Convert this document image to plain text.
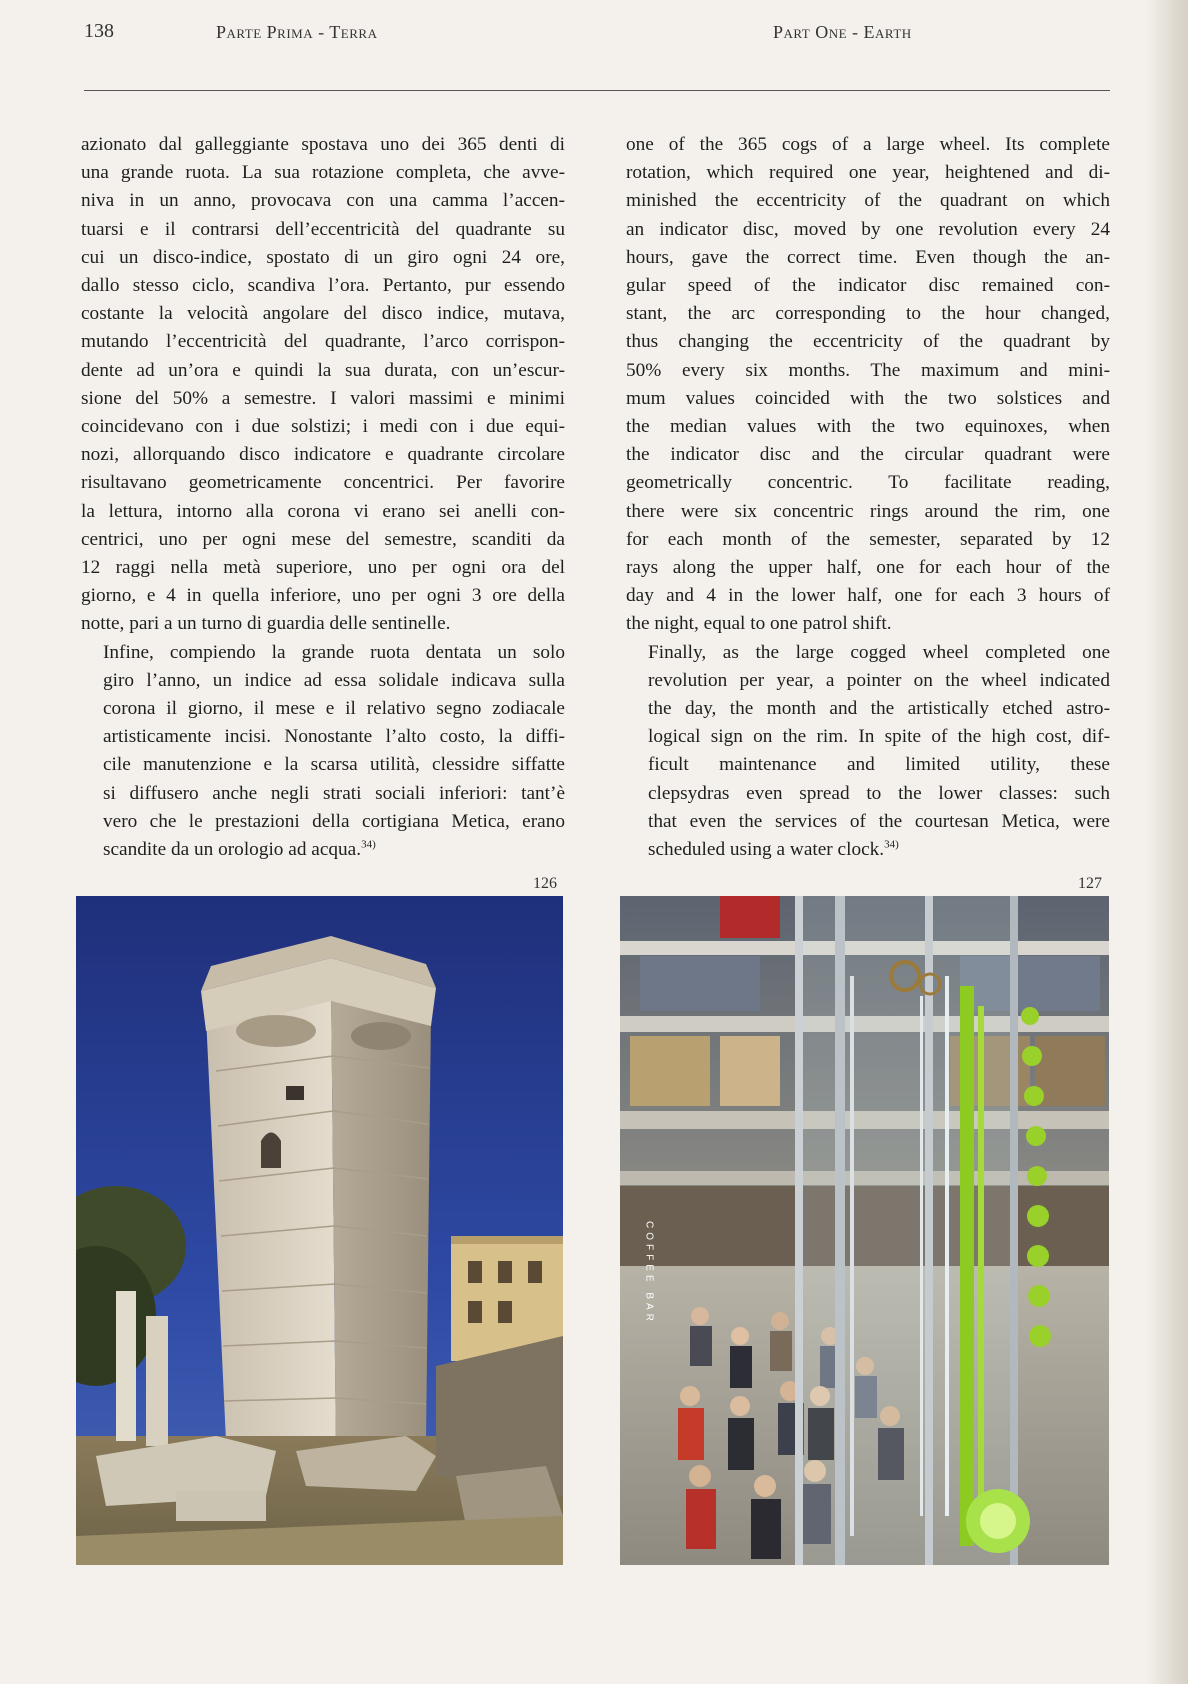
138	Parte Prima - Terra	Part One - Earth

azionato dal galleggiante spostava uno dei 365 denti di
una grande ruota. La sua rotazione completa, che avve-
niva in un anno, provocava con una camma l’accen-
tuarsi e il contrarsi dell’eccentricità del quadrante su
cui un disco-indice, spostato di un giro ogni 24 ore,
dallo stesso ciclo, scandiva l’ora. Pertanto, pur essendo
costante la velocità angolare del disco indice, mutava,
mutando l’eccentricità del quadrante, l’arco corrispon-
dente ad un’ora e quindi la sua durata, con un’escur-
sione del 50% a semestre. I valori massimi e minimi
coincidevano con i due solstizi; i medi con i due equi-
nozi, allorquando disco indicatore e quadrante circolare
risultavano geometricamente concentrici. Per favorire
la lettura, intorno alla corona vi erano sei anelli con-
centrici, uno per ogni mese del semestre, scanditi da
12 raggi nella metà superiore, uno per ogni ora del
giorno, e 4 in quella inferiore, uno per ogni 3 ore della
notte, pari a un turno di guardia delle sentinelle.

Infine, compiendo la grande ruota dentata un solo
giro l’anno, un indice ad essa solidale indicava sulla
corona il giorno, il mese e il relativo segno zodiacale
artisticamente incisi. Nonostante l’alto costo, la diffi-
cile manutenzione e la scarsa utilità, clessidre siffatte
si diffusero anche negli strati sociali inferiori: tant’è
vero che le prestazioni della cortigiana Metica, erano
scandite da un orologio ad acqua.$^{34)}$

one of the 365 cogs of a large wheel. Its complete
rotation, which required one year, heightened and di-
minished the eccentricity of the quadrant on which
an indicator disc, moved by one revolution every 24
hours, gave the correct time. Even though the an-
gular speed of the indicator disc remained con-
stant, the arc corresponding to the hour changed,
thus changing the eccentricity of the quadrant by
50% every six months. The maximum and mini-
mum values coincided with the two solstices and
the median values with the two equinoxes, when
the indicator disc and the circular quadrant were
geometrically concentric. To facilitate reading,
there were six concentric rings around the rim, one
for each month of the semester, separated by 12
rays along the upper half, one for each hour of the
day and 4 in the lower half, one for each 3 hours of
the night, equal to one patrol shift.

Finally, as the large cogged wheel completed one
revolution per year, a pointer on the wheel indicated
the day, the month and the artistically etched astro-
logical sign on the rim. In spite of the high cost, dif-
ficult maintenance and limited utility, these
clepsydras even spread to the lower classes: such
that even the services of the courtesan Metica, were
scheduled using a water clock.$^{34)}$

126	127
COFFEE BAR
